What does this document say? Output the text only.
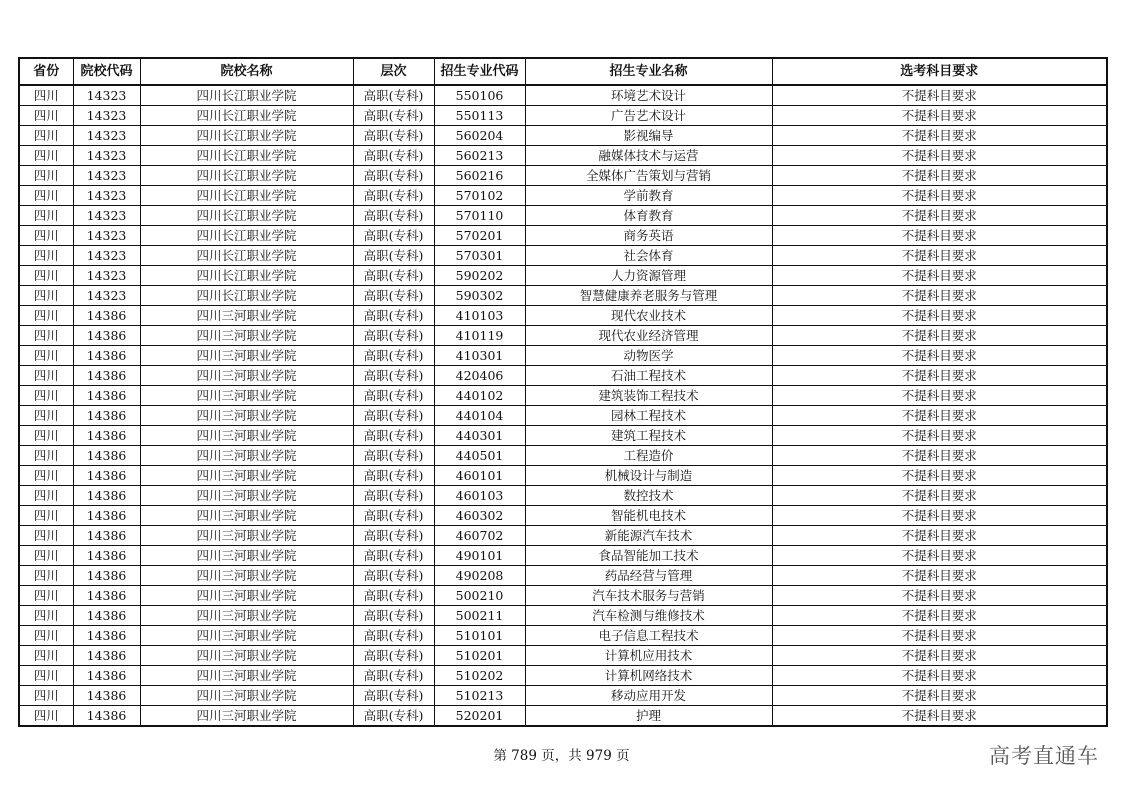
省份	院校代码	院校名称	层次	招生专业代码	招生专业名称	选考科目要求
四川	14323	四川长江职业学院	高职(专科)	550106	环境艺术设计	不提科目要求
四川	14323	四川长江职业学院	高职(专科)	550113	广告艺术设计	不提科目要求
四川	14323	四川长江职业学院	高职(专科)	560204	影视编导	不提科目要求
四川	14323	四川长江职业学院	高职(专科)	560213	融媒体技术与运营	不提科目要求
四川	14323	四川长江职业学院	高职(专科)	560216	全媒体广告策划与营销	不提科目要求
四川	14323	四川长江职业学院	高职(专科)	570102	学前教育	不提科目要求
四川	14323	四川长江职业学院	高职(专科)	570110	体育教育	不提科目要求
四川	14323	四川长江职业学院	高职(专科)	570201	商务英语	不提科目要求
四川	14323	四川长江职业学院	高职(专科)	570301	社会体育	不提科目要求
四川	14323	四川长江职业学院	高职(专科)	590202	人力资源管理	不提科目要求
四川	14323	四川长江职业学院	高职(专科)	590302	智慧健康养老服务与管理	不提科目要求
四川	14386	四川三河职业学院	高职(专科)	410103	现代农业技术	不提科目要求
四川	14386	四川三河职业学院	高职(专科)	410119	现代农业经济管理	不提科目要求
四川	14386	四川三河职业学院	高职(专科)	410301	动物医学	不提科目要求
四川	14386	四川三河职业学院	高职(专科)	420406	石油工程技术	不提科目要求
四川	14386	四川三河职业学院	高职(专科)	440102	建筑装饰工程技术	不提科目要求
四川	14386	四川三河职业学院	高职(专科)	440104	园林工程技术	不提科目要求
四川	14386	四川三河职业学院	高职(专科)	440301	建筑工程技术	不提科目要求
四川	14386	四川三河职业学院	高职(专科)	440501	工程造价	不提科目要求
四川	14386	四川三河职业学院	高职(专科)	460101	机械设计与制造	不提科目要求
四川	14386	四川三河职业学院	高职(专科)	460103	数控技术	不提科目要求
四川	14386	四川三河职业学院	高职(专科)	460302	智能机电技术	不提科目要求
四川	14386	四川三河职业学院	高职(专科)	460702	新能源汽车技术	不提科目要求
四川	14386	四川三河职业学院	高职(专科)	490101	食品智能加工技术	不提科目要求
四川	14386	四川三河职业学院	高职(专科)	490208	药品经营与管理	不提科目要求
四川	14386	四川三河职业学院	高职(专科)	500210	汽车技术服务与营销	不提科目要求
四川	14386	四川三河职业学院	高职(专科)	500211	汽车检测与维修技术	不提科目要求
四川	14386	四川三河职业学院	高职(专科)	510101	电子信息工程技术	不提科目要求
四川	14386	四川三河职业学院	高职(专科)	510201	计算机应用技术	不提科目要求
四川	14386	四川三河职业学院	高职(专科)	510202	计算机网络技术	不提科目要求
四川	14386	四川三河职业学院	高职(专科)	510213	移动应用开发	不提科目要求
四川	14386	四川三河职业学院	高职(专科)	520201	护理	不提科目要求
第 789 页，共 979 页	高考直通车
